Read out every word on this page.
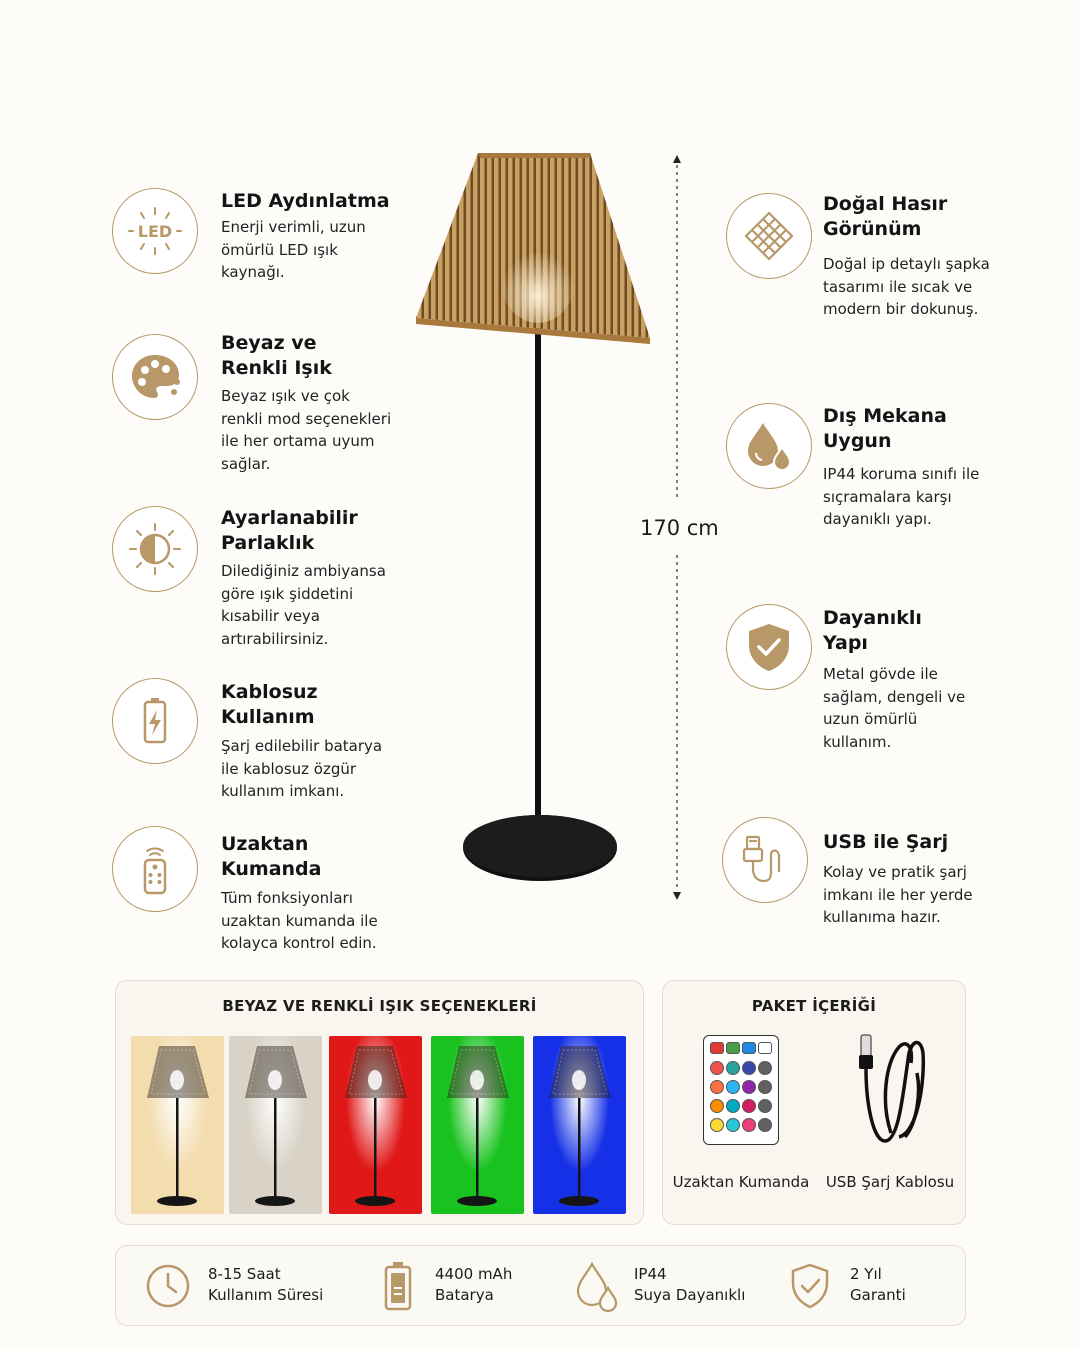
LED
LED Aydınlatma
Enerji verimli, uzun ömürlü LED ışık kaynağı.
Beyaz ve Renkli Işık
Beyaz ışık ve çok renkli mod seçenekleri ile her ortama uyum sağlar.
Ayarlanabilir Parlaklık
Dilediğiniz ambiyansa göre ışık şiddetini kısabilir veya artırabilirsiniz.
Kablosuz Kullanım
Şarj edilebilir batarya ile kablosuz özgür kullanım imkanı.
Uzaktan Kumanda
Tüm fonksiyonları uzaktan kumanda ile kolayca kontrol edin.
170 cm
Doğal Hasır Görünüm
Doğal ip detaylı şapka tasarımı ile sıcak ve modern bir dokunuş.
Dış Mekana Uygun
IP44 koruma sınıfı ile sıçramalara karşı dayanıklı yapı.
Dayanıklı Yapı
Metal gövde ile sağlam, dengeli ve uzun ömürlü kullanım.
USB ile Şarj
Kolay ve pratik şarj imkanı ile her yerde kullanıma hazır.
BEYAZ VE RENKLİ IŞIK SEÇENEKLERİ	PAKET İÇERİĞİ
Uzaktan Kumanda	USB Şarj Kablosu
8-15 Saat
Kullanım Süresi
4400 mAh
Batarya
IP44
Suya Dayanıklı
2 Yıl
Garanti
